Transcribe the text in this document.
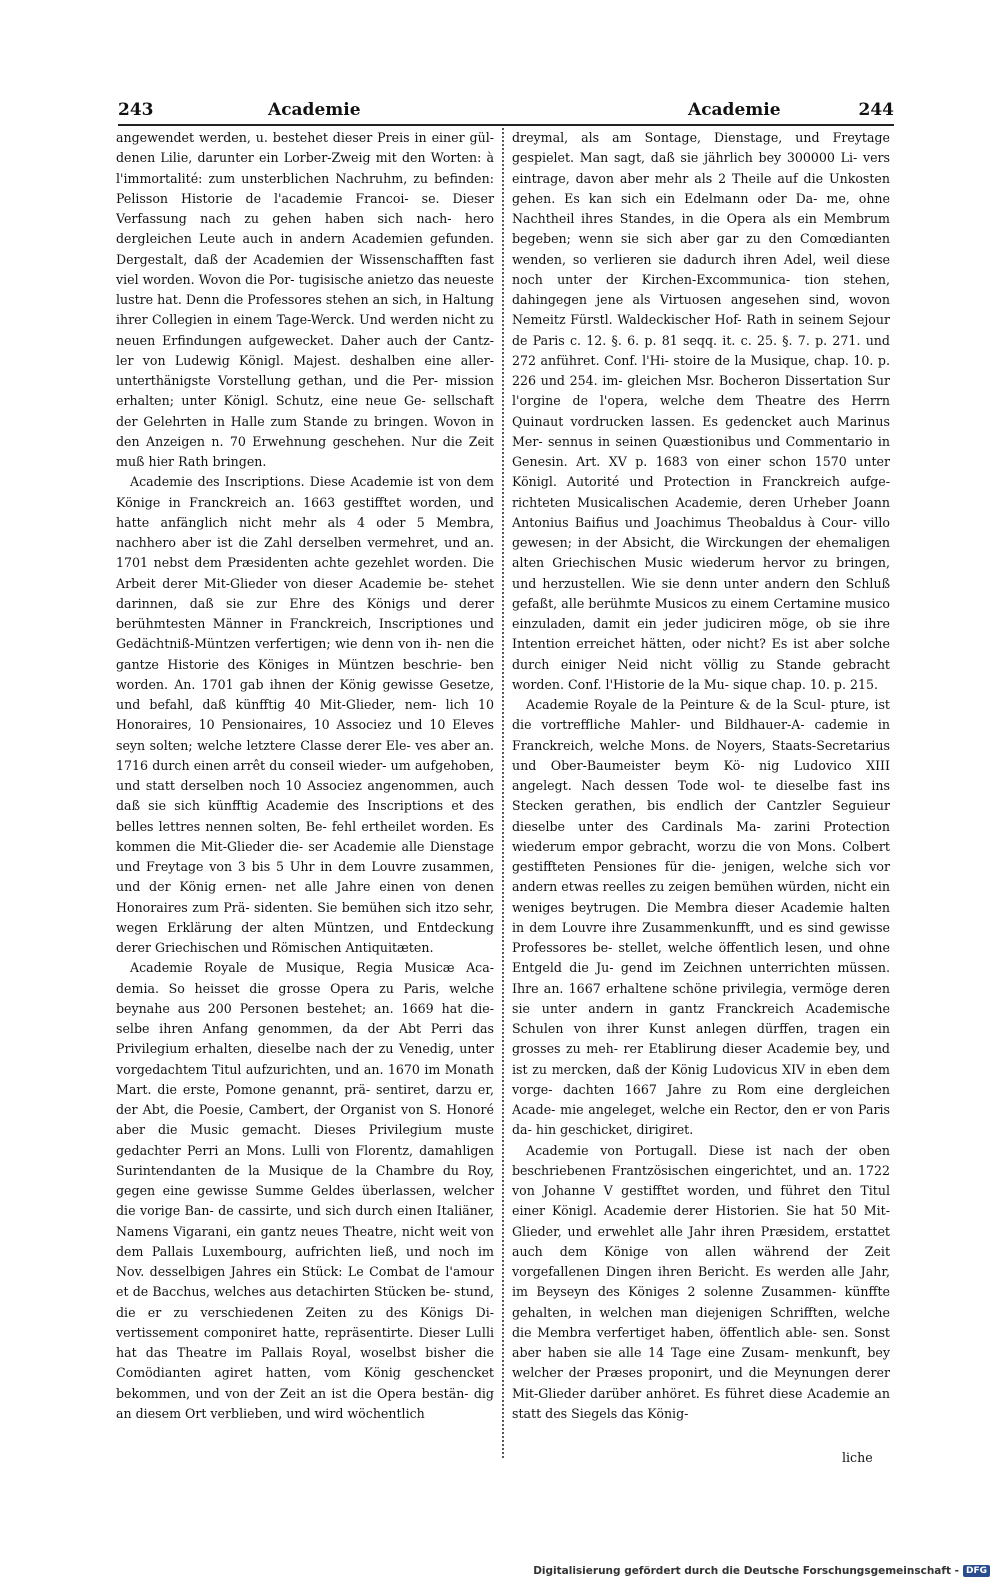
243	Academie	Academie	244

angewendet werden, u. bestehet dieser Preis in einer gül- denen Lilie, darunter ein Lorber-Zweig mit den Worten: à l'immortalité: zum unsterblichen Nachruhm, zu befinden: Pelisson Historie de l'academie Francoi- se. Dieser Verfassung nach zu gehen haben sich nach- hero dergleichen Leute auch in andern Academien gefunden. Dergestalt, daß der Academien der Wissenschafften fast viel worden. Wovon die Por- tugisische anietzo das neueste lustre hat. Denn die Professores stehen an sich, in Haltung ihrer Collegien in einem Tage-Werck. Und werden nicht zu neuen Erfindungen aufgewecket. Daher auch der Cantz- ler von Ludewig Königl. Majest. deshalben eine aller- unterthänigste Vorstellung gethan, und die Per- mission erhalten; unter Königl. Schutz, eine neue Ge- sellschaft der Gelehrten in Halle zum Stande zu bringen. Wovon in den Anzeigen n. 70 Erwehnung geschehen. Nur die Zeit muß hier Rath bringen.

Academie des Inscriptions. Diese Academie ist von dem Könige in Franckreich an. 1663 gestifftet worden, und hatte anfänglich nicht mehr als 4 oder 5 Membra, nachhero aber ist die Zahl derselben vermehret, und an. 1701 nebst dem Præsidenten achte gezehlet worden. Die Arbeit derer Mit-Glieder von dieser Academie be- stehet darinnen, daß sie zur Ehre des Königs und derer berühmtesten Männer in Franckreich, Inscriptiones und Gedächtniß-Müntzen verfertigen; wie denn von ih- nen die gantze Historie des Königes in Müntzen beschrie- ben worden. An. 1701 gab ihnen der König gewisse Gesetze, und befahl, daß künfftig 40 Mit-Glieder, nem- lich 10 Honoraires, 10 Pensionaires, 10 Associez und 10 Eleves seyn solten; welche letztere Classe derer Ele- ves aber an. 1716 durch einen arrêt du conseil wieder- um aufgehoben, und statt derselben noch 10 Associez angenommen, auch daß sie sich künfftig Academie des Inscriptions et des belles lettres nennen solten, Be- fehl ertheilet worden. Es kommen die Mit-Glieder die- ser Academie alle Dienstage und Freytage von 3 bis 5 Uhr in dem Louvre zusammen, und der König ernen- net alle Jahre einen von denen Honoraires zum Prä- sidenten. Sie bemühen sich itzo sehr, wegen Erklärung der alten Müntzen, und Entdeckung derer Griechischen und Römischen Antiquitæten.

Academie Royale de Musique, Regia Musicæ Aca- demia. So heisset die grosse Opera zu Paris, welche beynahe aus 200 Personen bestehet; an. 1669 hat die- selbe ihren Anfang genommen, da der Abt Perri das Privilegium erhalten, dieselbe nach der zu Venedig, unter vorgedachtem Titul aufzurichten, und an. 1670 im Monath Mart. die erste, Pomone genannt, prä- sentiret, darzu er, der Abt, die Poesie, Cambert, der Organist von S. Honoré aber die Music gemacht. Dieses Privilegium muste gedachter Perri an Mons. Lulli von Florentz, damahligen Surintendanten de la Musique de la Chambre du Roy, gegen eine gewisse Summe Geldes überlassen, welcher die vorige Ban- de cassirte, und sich durch einen Italiäner, Namens Vigarani, ein gantz neues Theatre, nicht weit von dem Pallais Luxembourg, aufrichten ließ, und noch im Nov. desselbigen Jahres ein Stück: Le Combat de l'amour et de Bacchus, welches aus detachirten Stücken be- stund, die er zu verschiedenen Zeiten zu des Königs Di- vertissement componiret hatte, repräsentirte. Dieser Lulli hat das Theatre im Pallais Royal, woselbst bisher die Comödianten agiret hatten, vom König geschencket bekommen, und von der Zeit an ist die Opera bestän- dig an diesem Ort verblieben, und wird wöchentlich

dreymal, als am Sontage, Dienstage, und Freytage gespielet. Man sagt, daß sie jährlich bey 300000 Li- vers eintrage, davon aber mehr als 2 Theile auf die Unkosten gehen. Es kan sich ein Edelmann oder Da- me, ohne Nachtheil ihres Standes, in die Opera als ein Membrum begeben; wenn sie sich aber gar zu den Comœdianten wenden, so verlieren sie dadurch ihren Adel, weil diese noch unter der Kirchen-Excommunica- tion stehen, dahingegen jene als Virtuosen angesehen sind, wovon Nemeitz Fürstl. Waldeckischer Hof- Rath in seinem Sejour de Paris c. 12. §. 6. p. 81 seqq. it. c. 25. §. 7. p. 271. und 272 anführet. Conf. l'Hi- stoire de la Musique, chap. 10. p. 226 und 254. im- gleichen Msr. Bocheron Dissertation Sur l'orgine de l'opera, welche dem Theatre des Herrn Quinaut vordrucken lassen. Es gedencket auch Marinus Mer- sennus in seinen Quæstionibus und Commentario in Genesin. Art. XV p. 1683 von einer schon 1570 unter Königl. Autorité und Protection in Franckreich aufge- richteten Musicalischen Academie, deren Urheber Joann Antonius Baifius und Joachimus Theobaldus à Cour- villo gewesen; in der Absicht, die Wirckungen der ehemaligen alten Griechischen Music wiederum hervor zu bringen, und herzustellen. Wie sie denn unter andern den Schluß gefaßt, alle berühmte Musicos zu einem Certamine musico einzuladen, damit ein jeder judiciren möge, ob sie ihre Intention erreichet hätten, oder nicht? Es ist aber solche durch einiger Neid nicht völlig zu Stande gebracht worden. Conf. l'Historie de la Mu- sique chap. 10. p. 215.

Academie Royale de la Peinture & de la Scul- pture, ist die vortreffliche Mahler- und Bildhauer-A- cademie in Franckreich, welche Mons. de Noyers, Staats-Secretarius und Ober-Baumeister beym Kö- nig Ludovico XIII angelegt. Nach dessen Tode wol- te dieselbe fast ins Stecken gerathen, bis endlich der Cantzler Seguieur dieselbe unter des Cardinals Ma- zarini Protection wiederum empor gebracht, worzu die von Mons. Colbert gestiffteten Pensiones für die- jenigen, welche sich vor andern etwas reelles zu zeigen bemühen würden, nicht ein weniges beytrugen. Die Membra dieser Academie halten in dem Louvre ihre Zusammenkunfft, und es sind gewisse Professores be- stellet, welche öffentlich lesen, und ohne Entgeld die Ju- gend im Zeichnen unterrichten müssen. Ihre an. 1667 erhaltene schöne privilegia, vermöge deren sie unter andern in gantz Franckreich Academische Schulen von ihrer Kunst anlegen dürffen, tragen ein grosses zu meh- rer Etablirung dieser Academie bey, und ist zu mercken, daß der König Ludovicus XIV in eben dem vorge- dachten 1667 Jahre zu Rom eine dergleichen Acade- mie angeleget, welche ein Rector, den er von Paris da- hin geschicket, dirigiret.

Academie von Portugall. Diese ist nach der oben beschriebenen Frantzösischen eingerichtet, und an. 1722 von Johanne V gestifftet worden, und führet den Titul einer Königl. Academie derer Historien. Sie hat 50 Mit-Glieder, und erwehlet alle Jahr ihren Præsidem, erstattet auch dem Könige von allen während der Zeit vorgefallenen Dingen ihren Bericht. Es werden alle Jahr, im Beyseyn des Königes 2 solenne Zusammen- künffte gehalten, in welchen man diejenigen Schrifften, welche die Membra verfertiget haben, öffentlich able- sen. Sonst aber haben sie alle 14 Tage eine Zusam- menkunft, bey welcher der Præses proponirt, und die Meynungen derer Mit-Glieder darüber anhöret. Es führet diese Academie an statt des Siegels das König-

liche
Digitalisierung gefördert durch die Deutsche Forschungsgemeinschaft - DFG
